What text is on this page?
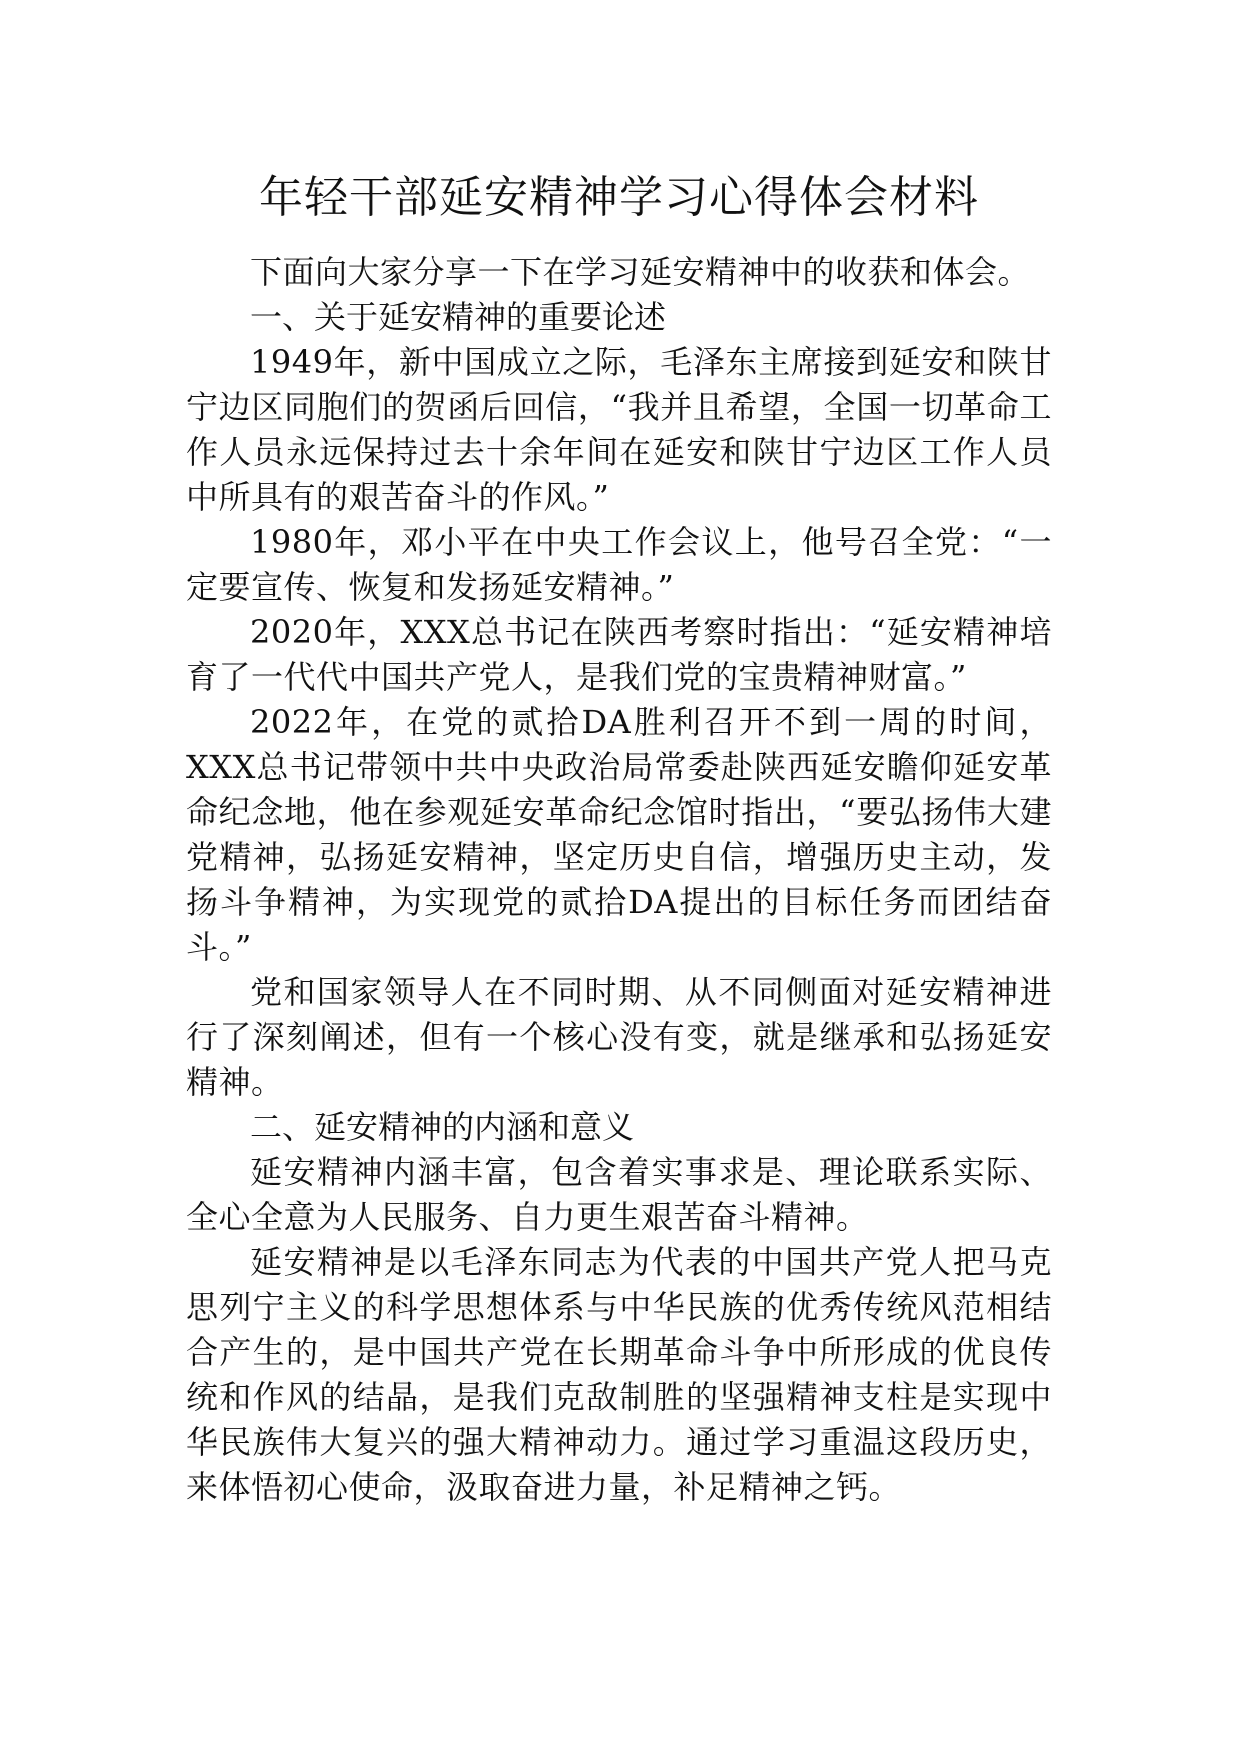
年轻干部延安精神学习心得体会材料

下面向大家分享一下在学习延安精神中的收获和体会。

一、关于延安精神的重要论述

1949年，新中国成立之际，毛泽东主席接到延安和陕甘宁边区同胞们的贺函后回信，“我并且希望，全国一切革命工作人员永远保持过去十余年间在延安和陕甘宁边区工作人员中所具有的艰苦奋斗的作风。”

1980年，邓小平在中央工作会议上，他号召全党：“一定要宣传、恢复和发扬延安精神。”

2020年，XXX总书记在陕西考察时指出：“延安精神培育了一代代中国共产党人，是我们党的宝贵精神财富。”

2022年，在党的贰拾DA胜利召开不到一周的时间，XXX总书记带领中共中央政治局常委赴陕西延安瞻仰延安革命纪念地，他在参观延安革命纪念馆时指出，“要弘扬伟大建党精神，弘扬延安精神，坚定历史自信，增强历史主动，发扬斗争精神，为实现党的贰拾DA提出的目标任务而团结奋斗。”

党和国家领导人在不同时期、从不同侧面对延安精神进行了深刻阐述，但有一个核心没有变，就是继承和弘扬延安精神。

二、延安精神的内涵和意义

延安精神内涵丰富，包含着实事求是、理论联系实际、全心全意为人民服务、自力更生艰苦奋斗精神。

延安精神是以毛泽东同志为代表的中国共产党人把马克思列宁主义的科学思想体系与中华民族的优秀传统风范相结合产生的，是中国共产党在长期革命斗争中所形成的优良传统和作风的结晶，是我们克敌制胜的坚强精神支柱是实现中华民族伟大复兴的强大精神动力。通过学习重温这段历史，来体悟初心使命，汲取奋进力量，补足精神之钙。
